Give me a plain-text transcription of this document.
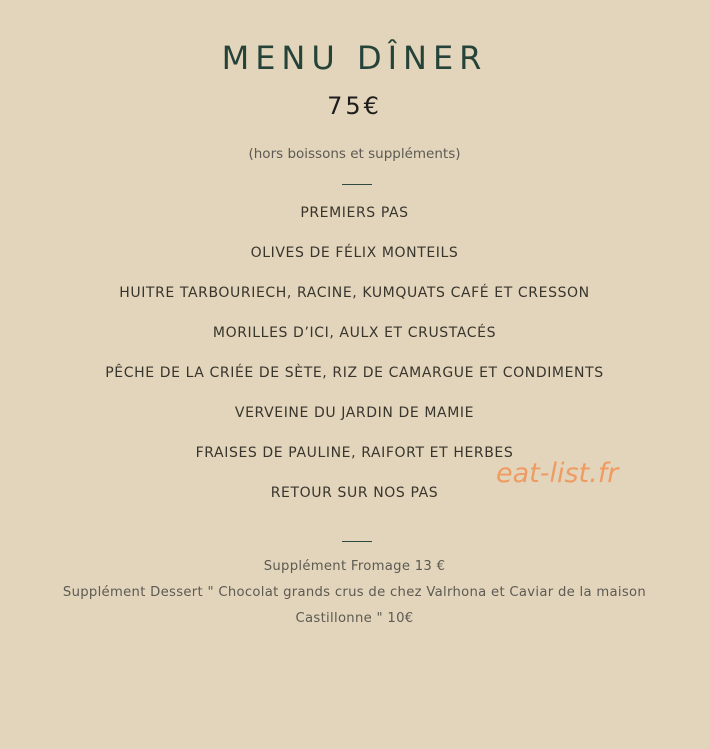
MENU DÎNER
75€
(hors boissons et suppléments)
PREMIERS PAS
OLIVES DE FÉLIX MONTEILS
HUITRE TARBOURIECH, RACINE, KUMQUATS CAFÉ ET CRESSON
MORILLES D’ICI, AULX ET CRUSTACÉS
PÊCHE DE LA CRIÉE DE SÈTE, RIZ DE CAMARGUE ET CONDIMENTS
VERVEINE DU JARDIN DE MAMIE
FRAISES DE PAULINE, RAIFORT ET HERBES
RETOUR SUR NOS PAS
Supplément Fromage 13 €
Supplément Dessert " Chocolat grands crus de chez Valrhona et Caviar de la maison
Castillonne " 10€
eat-list.fr
